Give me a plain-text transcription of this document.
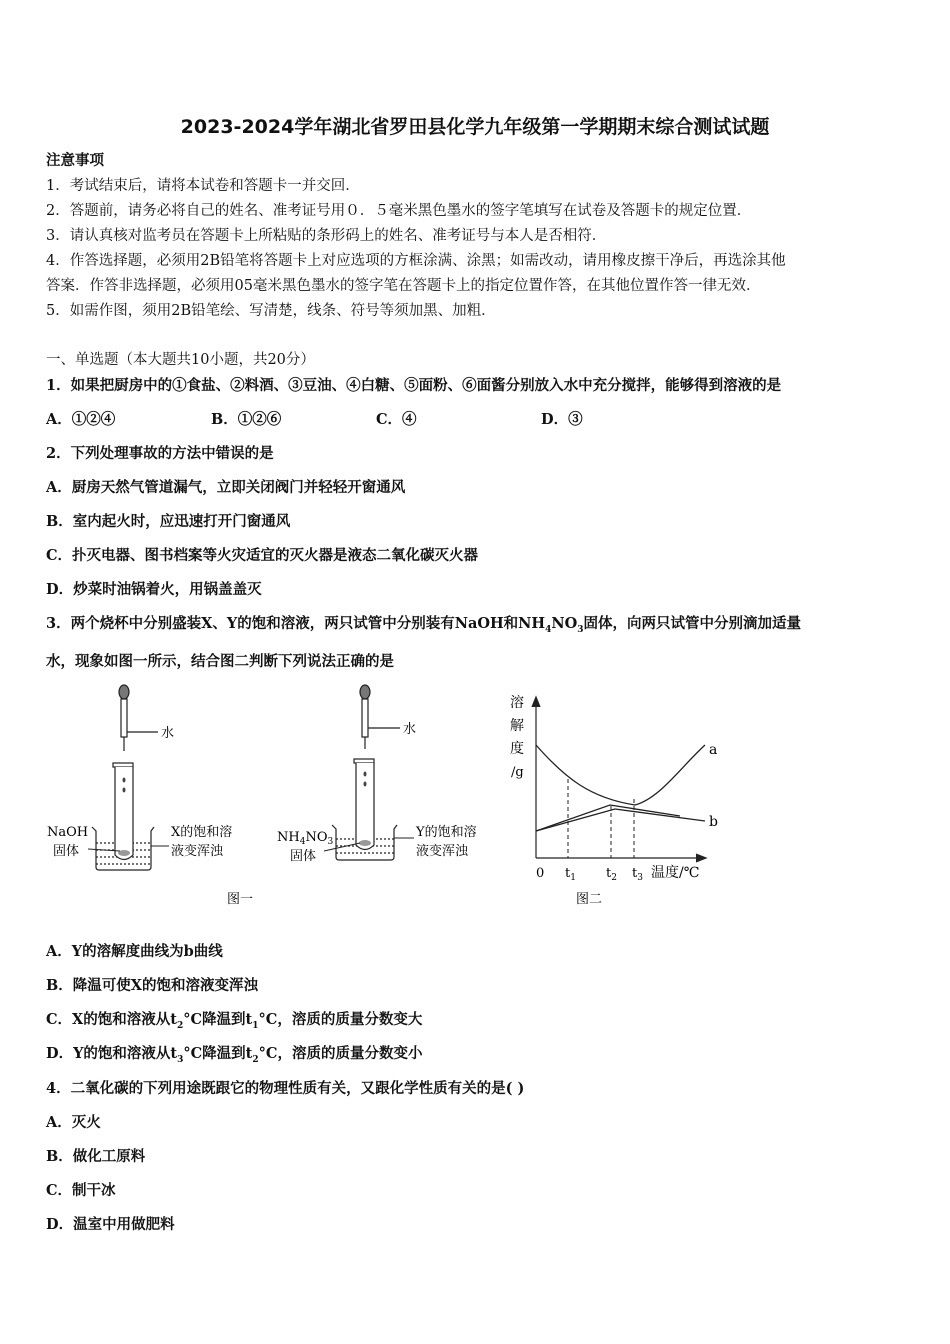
2023-2024学年湖北省罗田县化学九年级第一学期期末综合测试试题
注意事项
1．考试结束后，请将本试卷和答题卡一并交回．
2．答题前，请务必将自己的姓名、准考证号用０．５毫米黑色墨水的签字笔填写在试卷及答题卡的规定位置．
3．请认真核对监考员在答题卡上所粘贴的条形码上的姓名、准考证号与本人是否相符．
4．作答选择题，必须用2B铅笔将答题卡上对应选项的方框涂满、涂黑；如需改动，请用橡皮擦干净后，再选涂其他
答案．作答非选择题，必须用05毫米黑色墨水的签字笔在答题卡上的指定位置作答，在其他位置作答一律无效．
5．如需作图，须用2B铅笔绘、写清楚，线条、符号等须加黑、加粗．
一、单选题（本大题共10小题，共20分）
1．如果把厨房中的①食盐、②料酒、③豆油、④白糖、⑤面粉、⑥面酱分别放入水中充分搅拌，能够得到溶液的是
A．①②④	B．①②⑥	C．④	D．③
2．下列处理事故的方法中错误的是
A．厨房天然气管道漏气，立即关闭阀门并轻轻开窗通风
B．室内起火时，应迅速打开门窗通风
C．扑灭电器、图书档案等火灾适宜的灭火器是液态二氧化碳灭火器
D．炒菜时油锅着火，用锅盖盖灭
3．两个烧杯中分别盛装X、Y的饱和溶液，两只试管中分别装有NaOH和$NH_4NO_3$固体，向两只试管中分别滴加适量
水，现象如图一所示，结合图二判断下列说法正确的是
水
NaOH
固体
X的饱和溶
液变浑浊
水
$NH_4NO_3$
固体
Y的饱和溶
液变浑浊
图一
溶
解
度
/g
a
b
0 $t_1$ $t_2$ $t_3$ 温度/℃
图二
A．Y的溶解度曲线为b曲线
B．降温可使X的饱和溶液变浑浊
C．X的饱和溶液从$t_2^\circ C$降温到$t_1^\circ C$，溶质的质量分数变大
D．Y的饱和溶液从$t_3^\circ C$降温到$t_2^\circ C$，溶质的质量分数变小
4．二氧化碳的下列用途既跟它的物理性质有关，又跟化学性质有关的是( )
A．灭火
B．做化工原料
C．制干冰
D．温室中用做肥料
